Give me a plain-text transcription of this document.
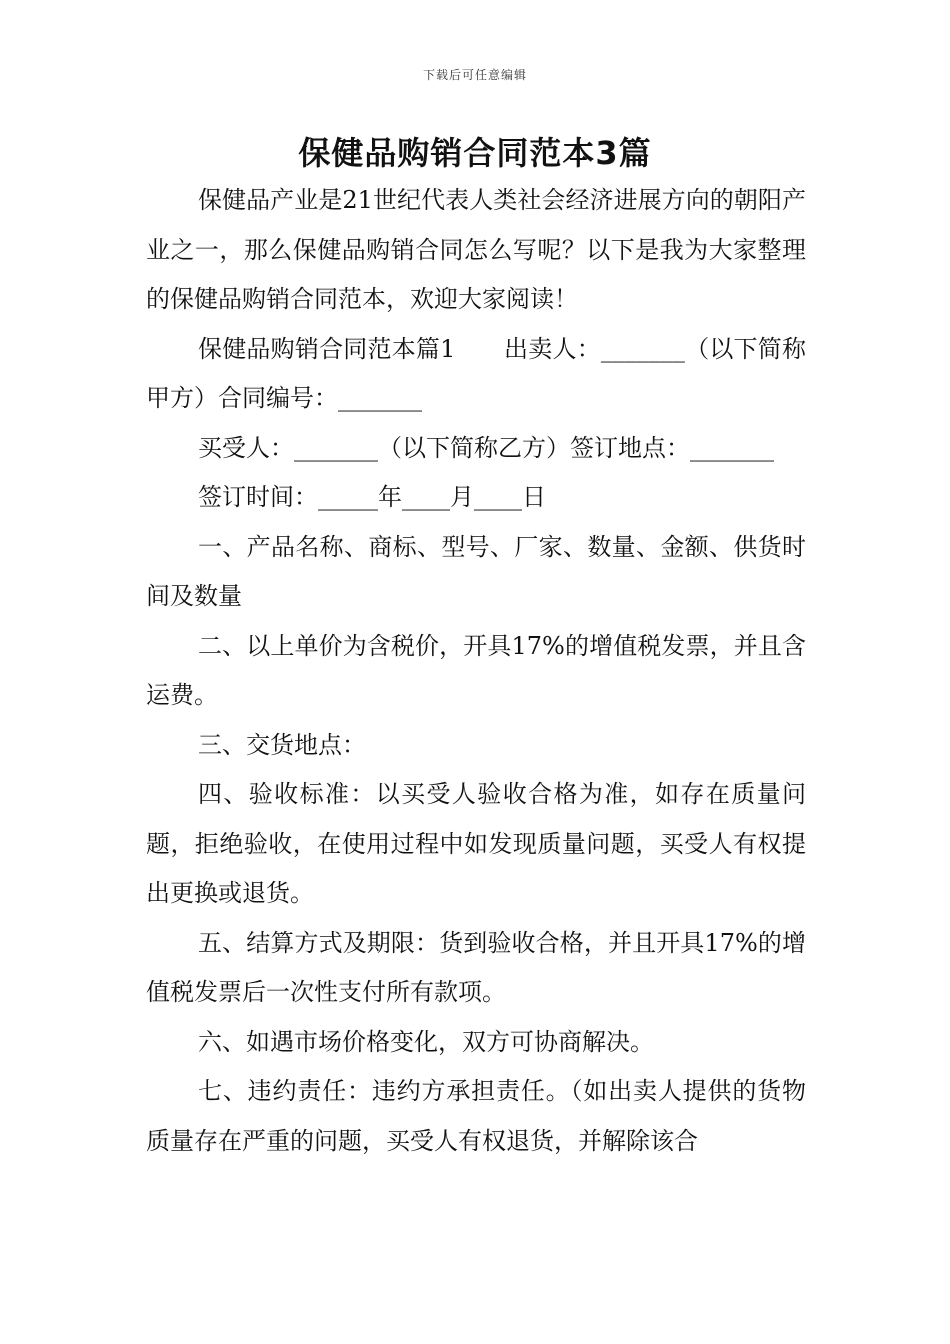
下载后可任意编辑
保健品购销合同范本3篇

保健品产业是21世纪代表人类社会经济进展方向的朝阳产业之一，那么保健品购销合同怎么写呢？以下是我为大家整理的保健品购销合同范本，欢迎大家阅读！

保健品购销合同范本篇1　　出卖人：_______（以下简称甲方）合同编号：_______

买受人：_______（以下简称乙方）签订地点：_______

签订时间：_____年____月____日

一、产品名称、商标、型号、厂家、数量、金额、供货时间及数量

二、以上单价为含税价，开具17%的增值税发票，并且含运费。

三、交货地点：

四、验收标准：以买受人验收合格为准，如存在质量问题，拒绝验收，在使用过程中如发现质量问题，买受人有权提出更换或退货。

五、结算方式及期限：货到验收合格，并且开具17%的增值税发票后一次性支付所有款项。

六、如遇市场价格变化，双方可协商解决。

七、违约责任：违约方承担责任。（如出卖人提供的货物质量存在严重的问题，买受人有权退货，并解除该合
